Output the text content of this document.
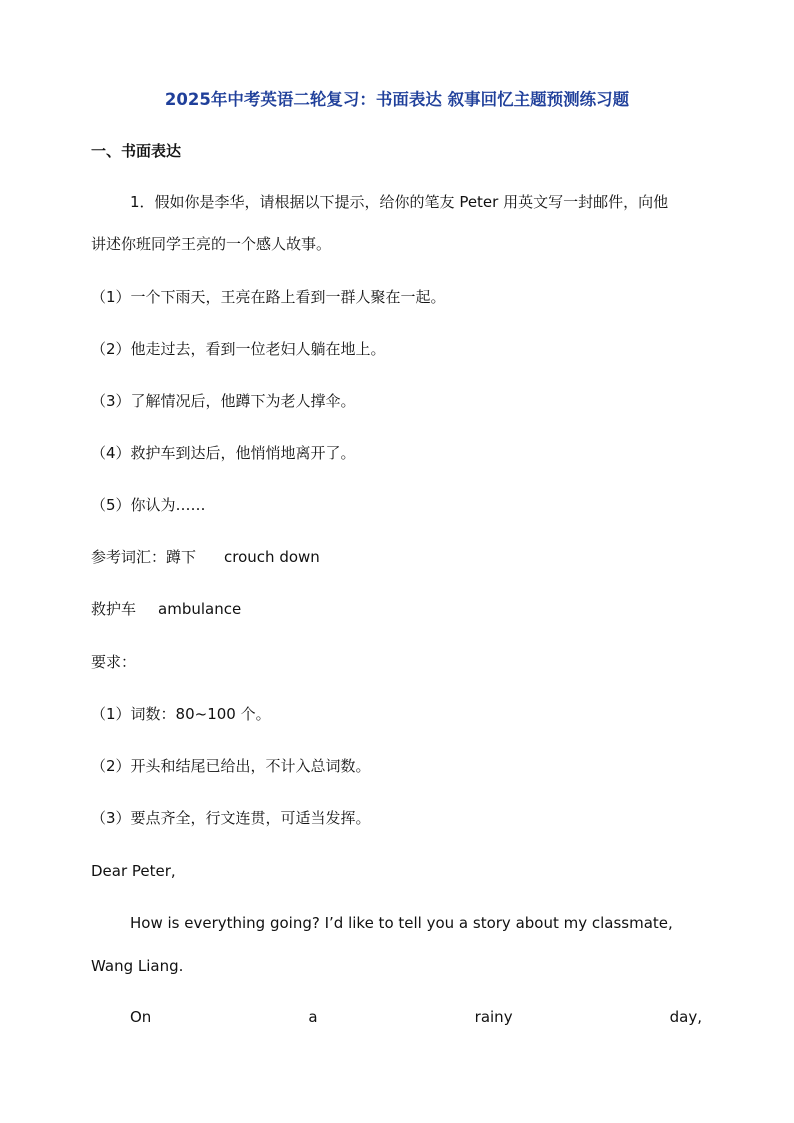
2025年中考英语二轮复习：书面表达 叙事回忆主题预测练习题
一、书面表达
1．假如你是李华，请根据以下提示，给你的笔友 Peter 用英文写一封邮件，向他
讲述你班同学王亮的一个感人故事。
（1）一个下雨天，王亮在路上看到一群人聚在一起。
（2）他走过去，看到一位老妇人躺在地上。
（3）了解情况后，他蹲下为老人撑伞。
（4）救护车到达后，他悄悄地离开了。
（5）你认为……
参考词汇：蹲下 crouch down
救护车 ambulance
要求：
（1）词数：80~100 个。
（2）开头和结尾已给出，不计入总词数。
（3）要点齐全，行文连贯，可适当发挥。
Dear Peter,
How is everything going? I’d like to tell you a story about my classmate,
Wang Liang.
On	a	rainy	day,
